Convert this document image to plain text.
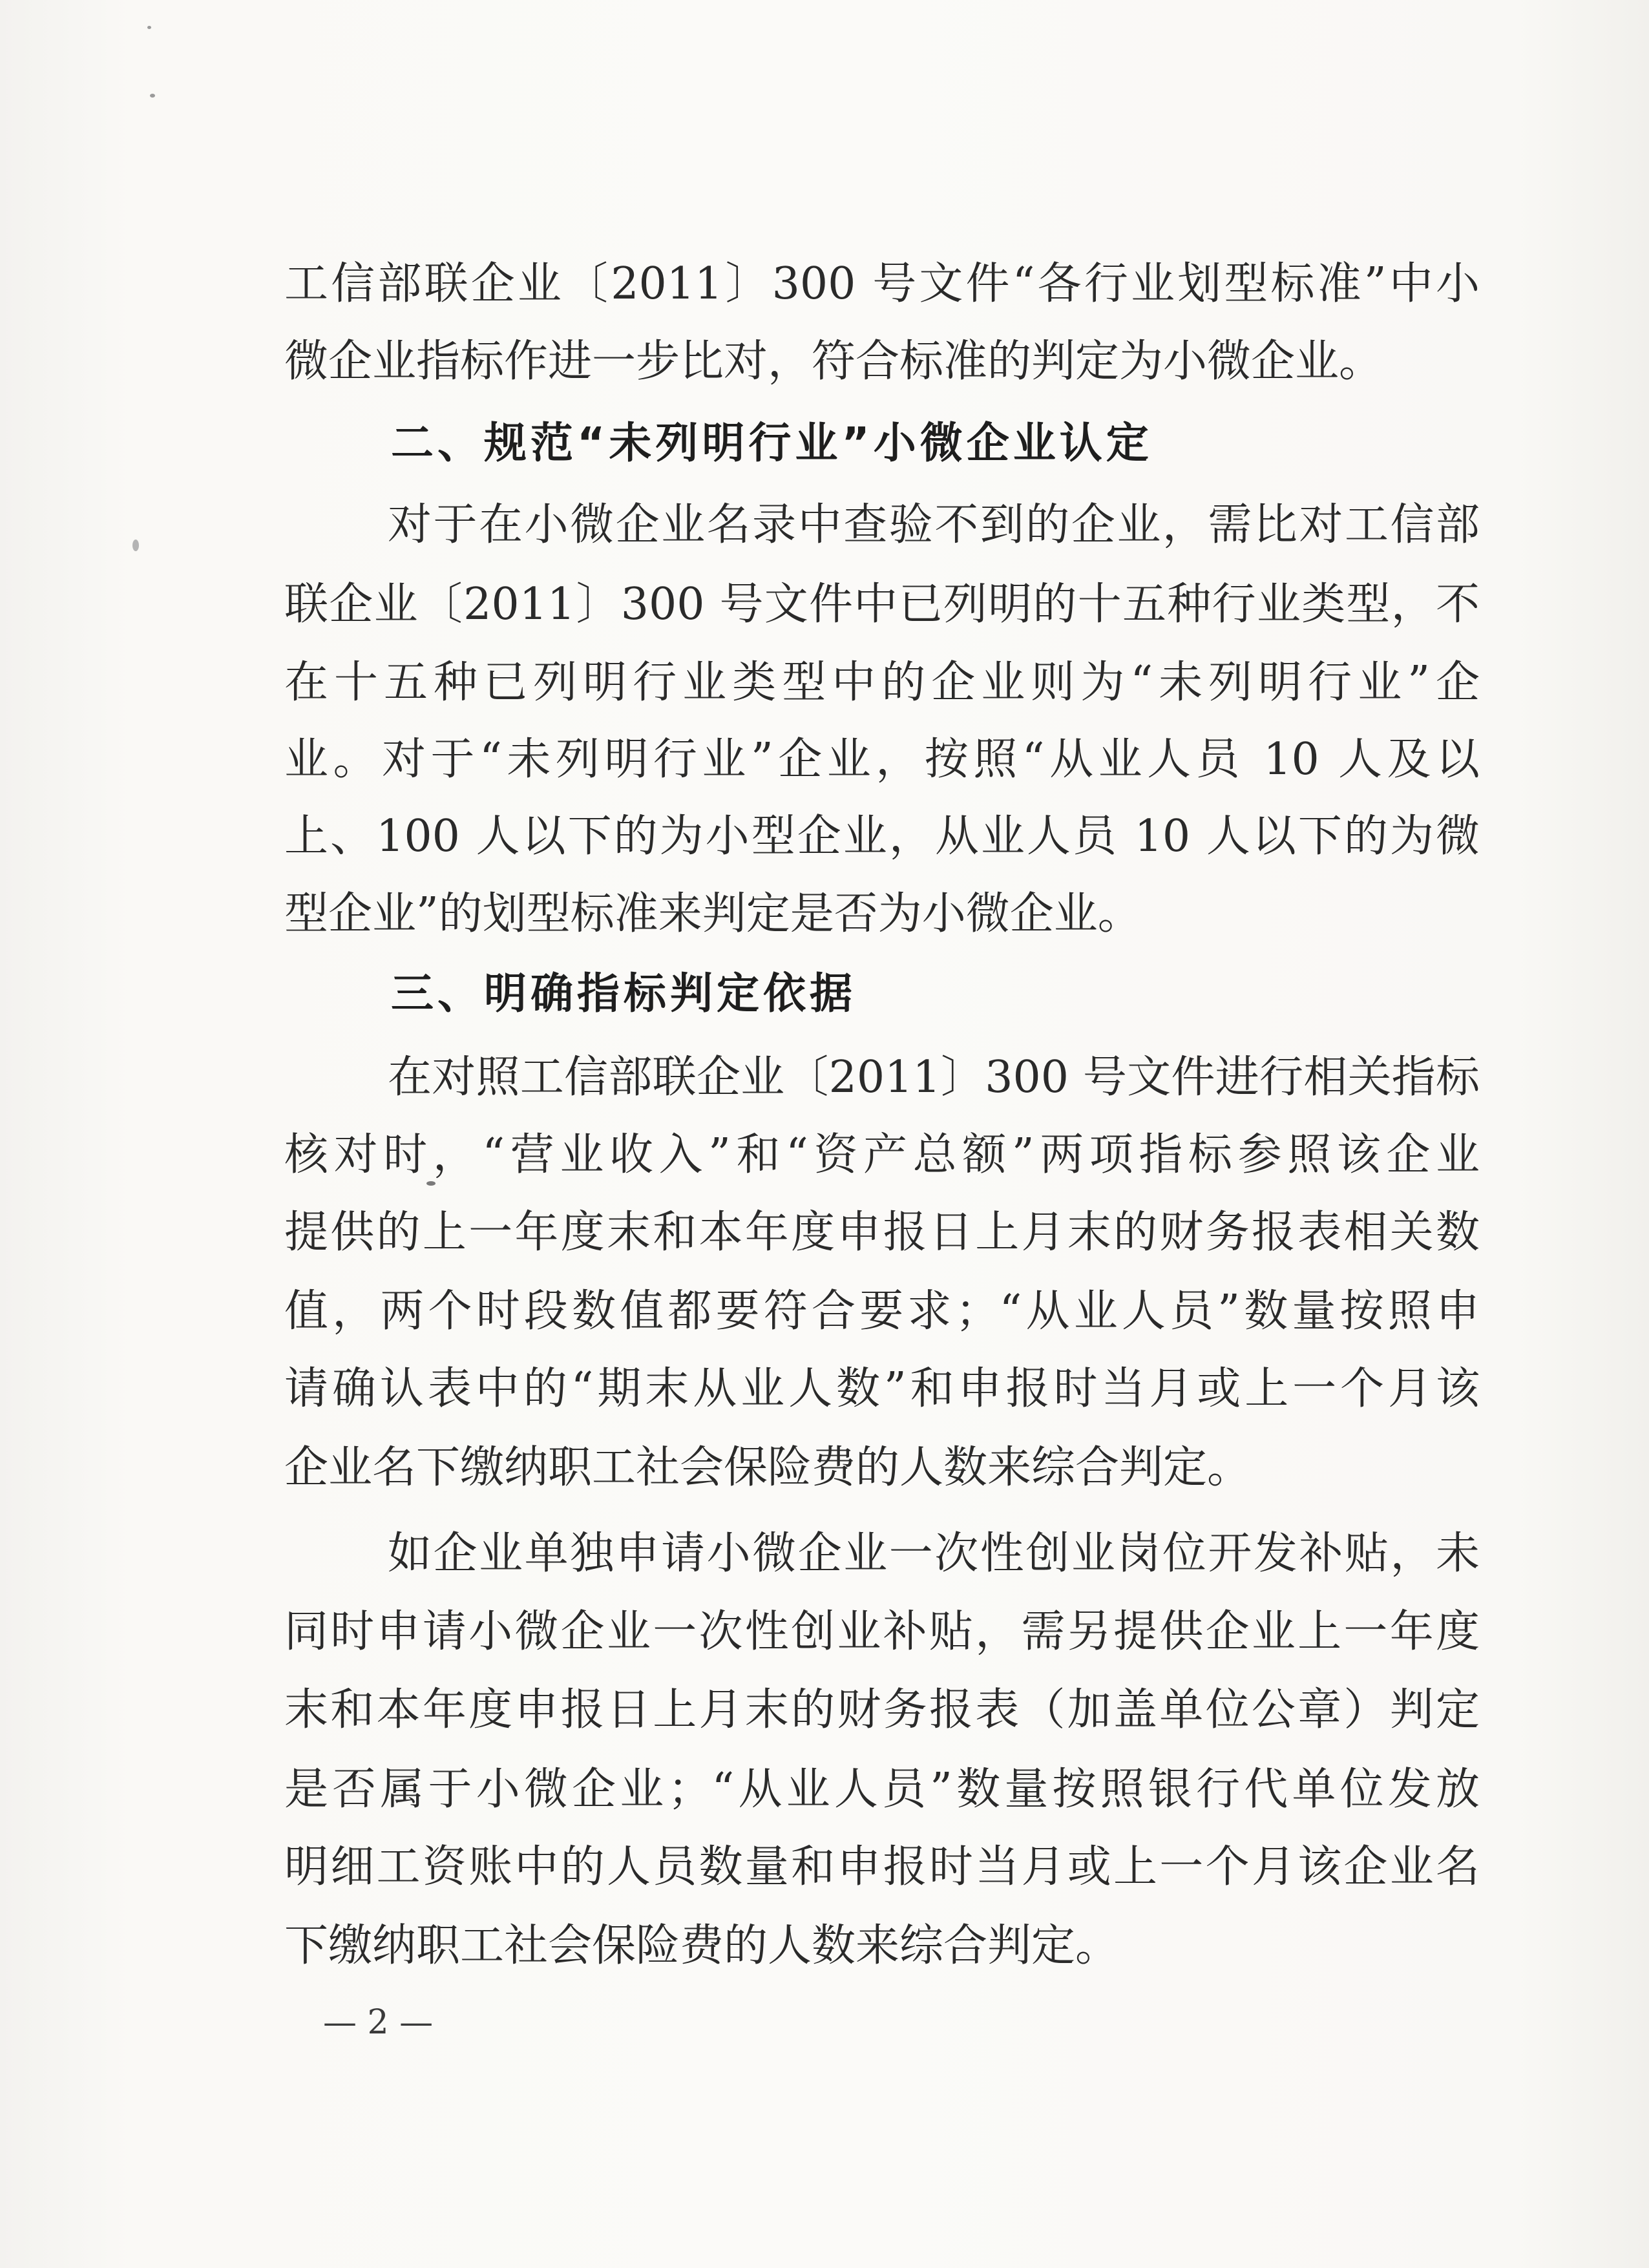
工信部联企业〔2011〕300 号文件“各行业划型标准”中小
微企业指标作进一步比对，符合标准的判定为小微企业。
二、规范“未列明行业”小微企业认定
对于在小微企业名录中查验不到的企业，需比对工信部
联企业〔2011〕300 号文件中已列明的十五种行业类型，不
在十五种已列明行业类型中的企业则为“未列明行业”企
业。对于“未列明行业”企业，按照“从业人员 10 人及以
上、100 人以下的为小型企业，从业人员 10 人以下的为微
型企业”的划型标准来判定是否为小微企业。
三、明确指标判定依据
在对照工信部联企业〔2011〕300 号文件进行相关指标
核对时，“营业收入”和“资产总额”两项指标参照该企业
提供的上一年度末和本年度申报日上月末的财务报表相关数
值，两个时段数值都要符合要求；“从业人员”数量按照申
请确认表中的“期末从业人数”和申报时当月或上一个月该
企业名下缴纳职工社会保险费的人数来综合判定。
如企业单独申请小微企业一次性创业岗位开发补贴，未
同时申请小微企业一次性创业补贴，需另提供企业上一年度
末和本年度申报日上月末的财务报表（加盖单位公章）判定
是否属于小微企业；“从业人员”数量按照银行代单位发放
明细工资账中的人员数量和申报时当月或上一个月该企业名
下缴纳职工社会保险费的人数来综合判定。
— 2 —
